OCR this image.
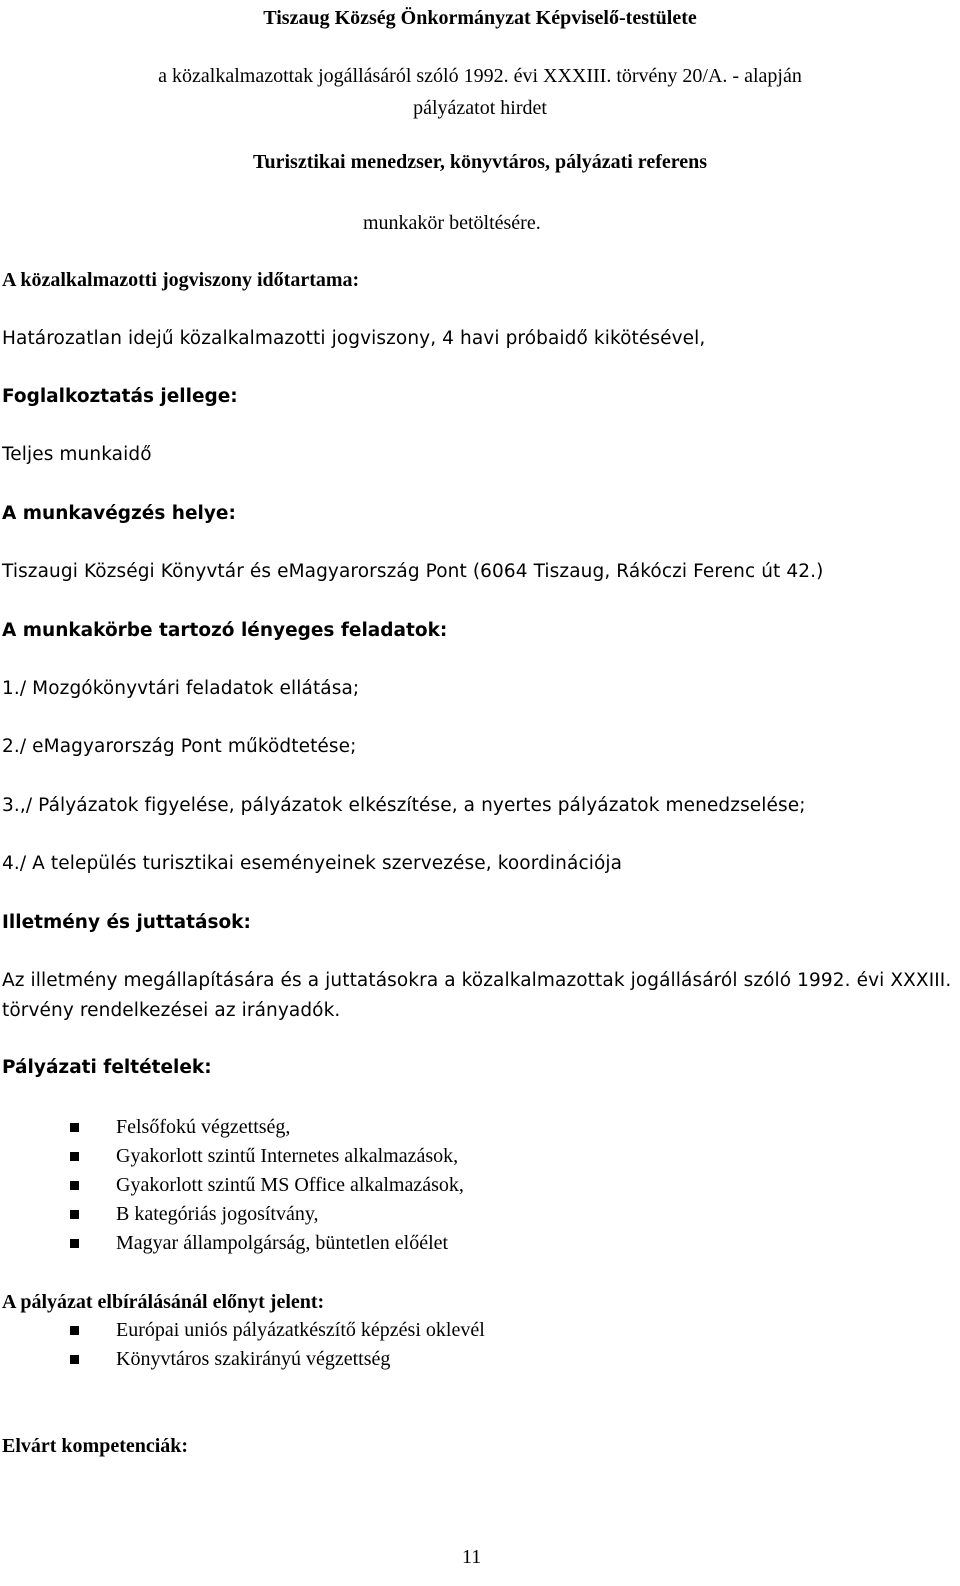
Tiszaug Község Önkormányzat Képviselő-testülete
a közalkalmazottak jogállásáról szóló 1992. évi XXXIII. törvény 20/A. - alapján
pályázatot hirdet
Turisztikai menedzser, könyvtáros, pályázati referens
munkakör betöltésére.
A közalkalmazotti jogviszony időtartama:
Határozatlan idejű közalkalmazotti jogviszony, 4 havi próbaidő kikötésével,
Foglalkoztatás jellege:
Teljes munkaidő
A munkavégzés helye:
Tiszaugi Községi Könyvtár és eMagyarország Pont (6064 Tiszaug, Rákóczi Ferenc út 42.)
A munkakörbe tartozó lényeges feladatok:
1./ Mozgókönyvtári feladatok ellátása;
2./ eMagyarország Pont működtetése;
3.,/ Pályázatok figyelése, pályázatok elkészítése, a nyertes pályázatok menedzselése;
4./ A település turisztikai eseményeinek szervezése, koordinációja
Illetmény és juttatások:
Az illetmény megállapítására és a juttatásokra a közalkalmazottak jogállásáról szóló 1992. évi XXXIII. törvény rendelkezései az irányadók.
Pályázati feltételek:
Felsőfokú végzettség,
Gyakorlott szintű Internetes alkalmazások,
Gyakorlott szintű MS Office alkalmazások,
B kategóriás jogosítvány,
Magyar állampolgárság, büntetlen előélet
A pályázat elbírálásánál előnyt jelent:
Európai uniós pályázatkészítő képzési oklevél
Könyvtáros szakirányú végzettség
Elvárt kompetenciák:
11
